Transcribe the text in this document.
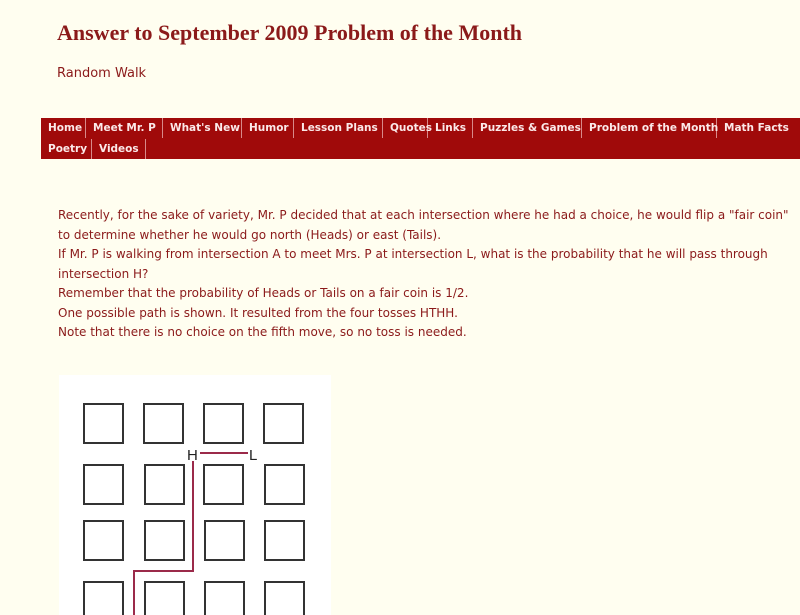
Answer to September 2009 Problem of the Month
Random Walk
Home	Meet Mr. P	What's New Humor	Lesson Plans	Quotes Links	Puzzles & Games Problem of the Month Math Facts
Poetry	Videos

Recently, for the sake of variety, Mr. P decided that at each intersection where he had a choice, he would flip a "fair coin"

to determine whether he would go north (Heads) or east (Tails).

If Mr. P is walking from intersection A to meet Mrs. P at intersection L, what is the probability that he will pass through

intersection H?

Remember that the probability of Heads or Tails on a fair coin is 1/2.

One possible path is shown. It resulted from the four tosses HTHH.

Note that there is no choice on the fifth move, so no toss is needed.

H	L
